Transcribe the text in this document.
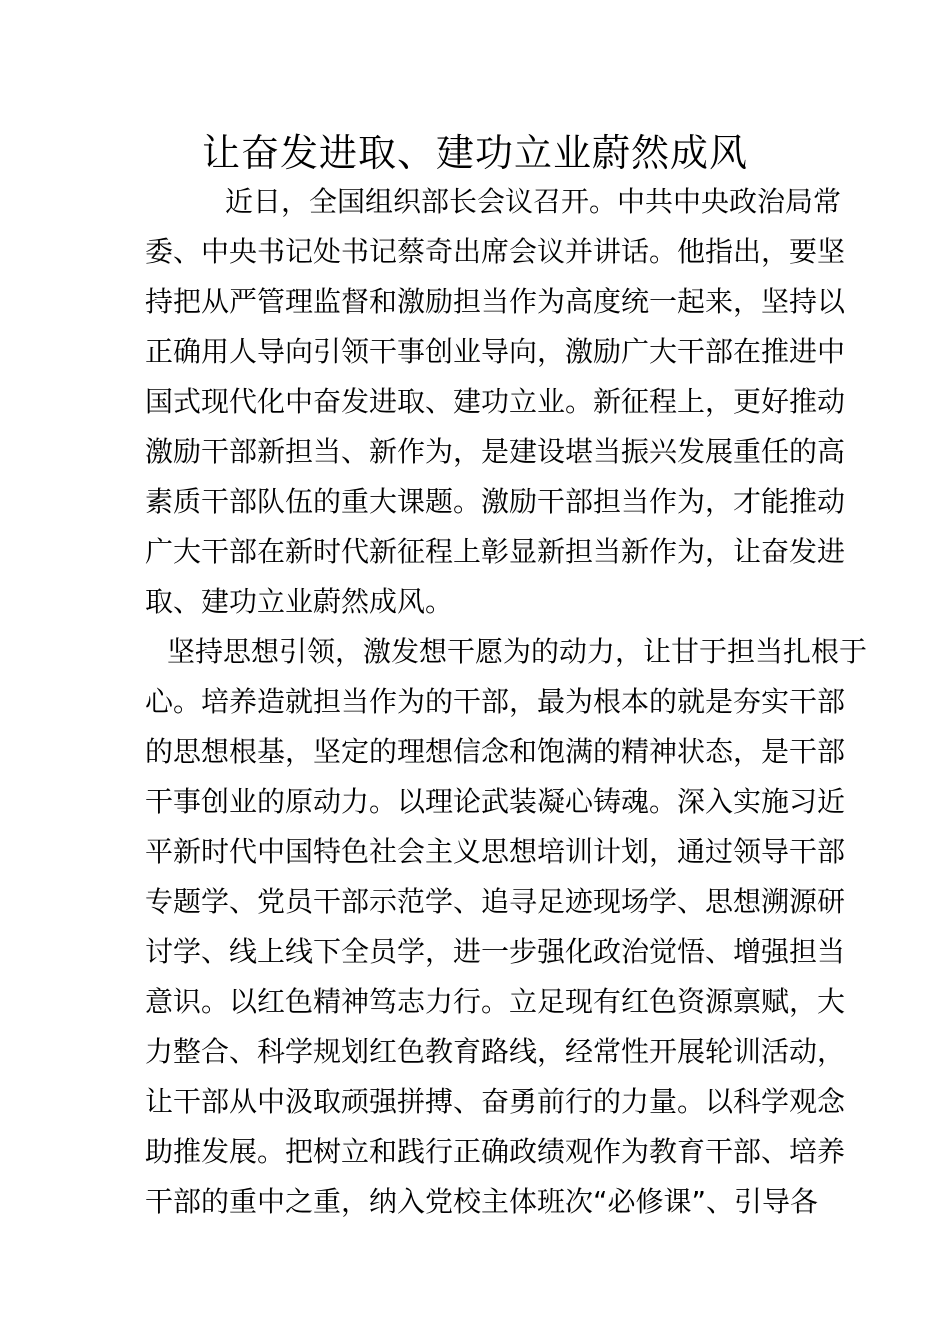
让奋发进取、建功立业蔚然成风

近日，全国组织部长会议召开。中共中央政治局常

委、中央书记处书记蔡奇出席会议并讲话。他指出，要坚

持把从严管理监督和激励担当作为高度统一起来，坚持以

正确用人导向引领干事创业导向，激励广大干部在推进中

国式现代化中奋发进取、建功立业。新征程上，更好推动

激励干部新担当、新作为，是建设堪当振兴发展重任的高

素质干部队伍的重大课题。激励干部担当作为，才能推动

广大干部在新时代新征程上彰显新担当新作为，让奋发进

取、建功立业蔚然成风。

坚持思想引领，激发想干愿为的动力，让甘于担当扎根于

心。培养造就担当作为的干部，最为根本的就是夯实干部

的思想根基，坚定的理想信念和饱满的精神状态，是干部

干事创业的原动力。以理论武装凝心铸魂。深入实施习近

平新时代中国特色社会主义思想培训计划，通过领导干部

专题学、党员干部示范学、追寻足迹现场学、思想溯源研

讨学、线上线下全员学，进一步强化政治觉悟、增强担当

意识。以红色精神笃志力行。立足现有红色资源禀赋，大

力整合、科学规划红色教育路线，经常性开展轮训活动，

让干部从中汲取顽强拼搏、奋勇前行的力量。以科学观念

助推发展。把树立和践行正确政绩观作为教育干部、培养

干部的重中之重，纳入党校主体班次“必修课”、引导各
